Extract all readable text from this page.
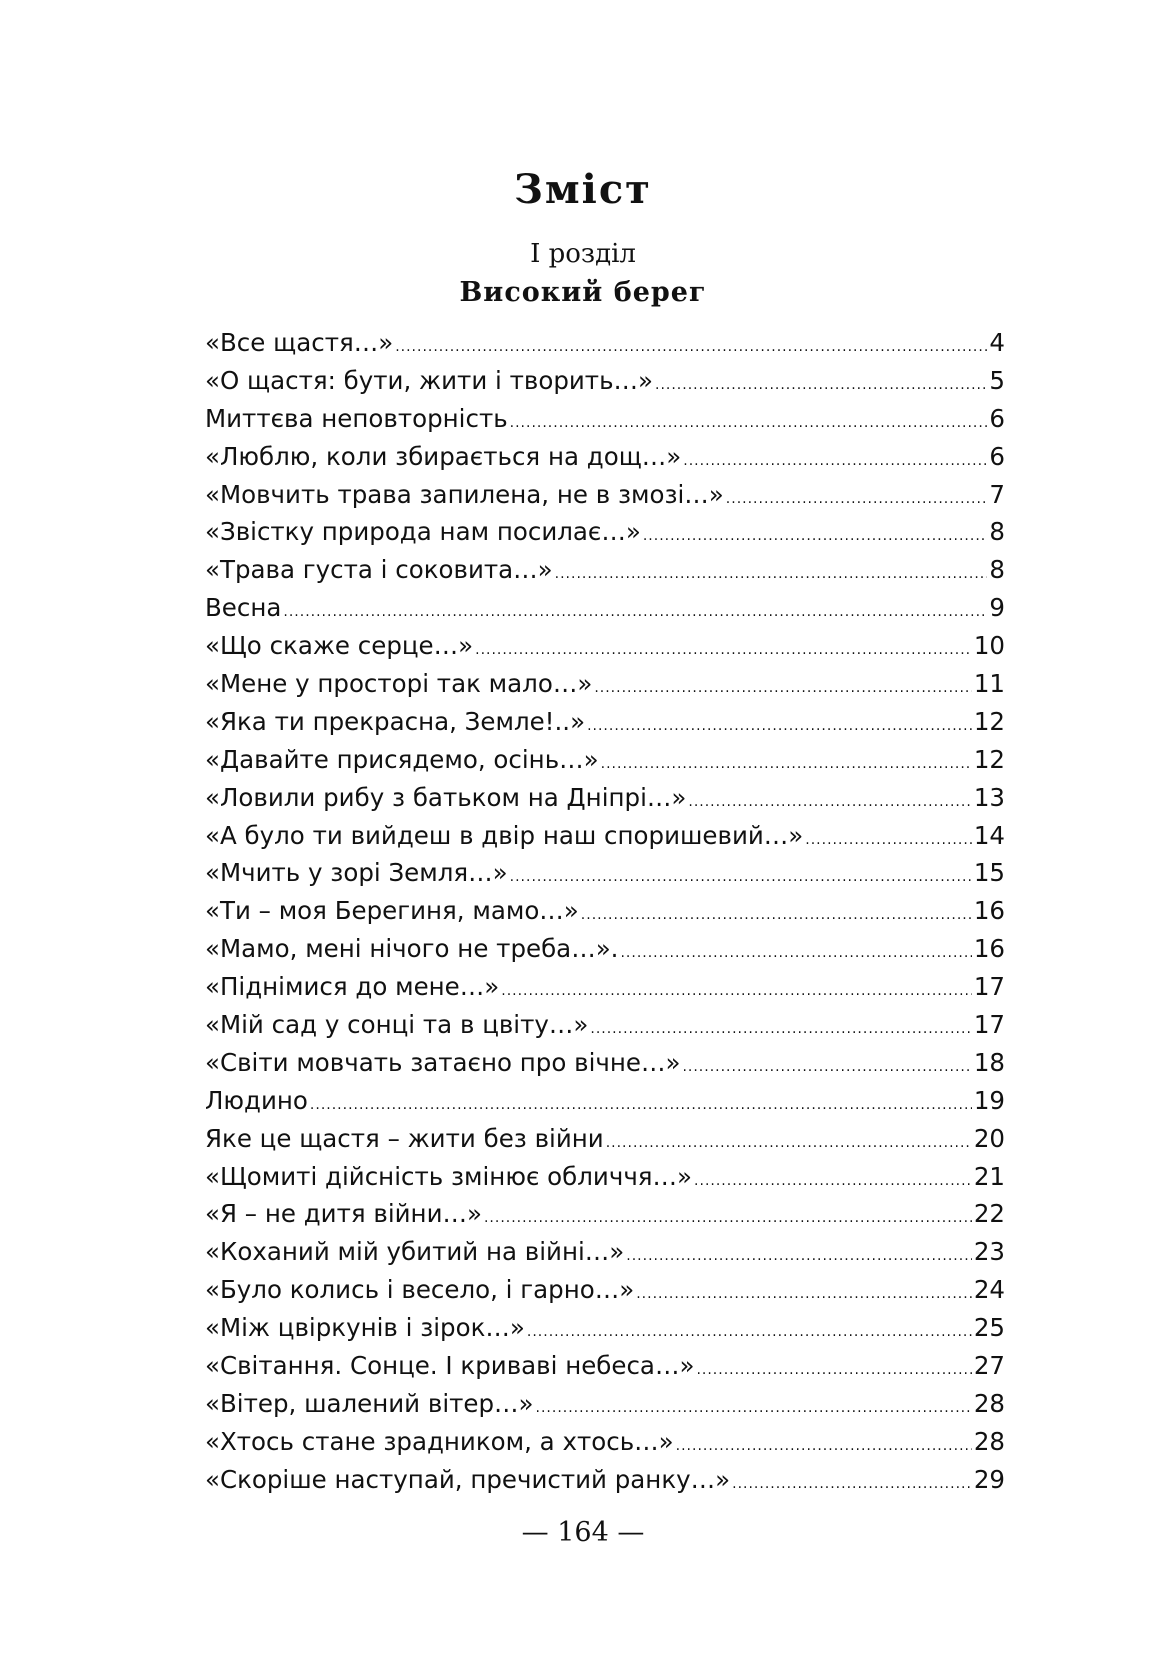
Зміст
І розділ
Високий берег
«Все щастя…» .....	4
«О щастя: бути, жити і творить…» .....	5
Миттєва неповторність .....	6
«Люблю, коли збирається на дощ…» .....	6
«Мовчить трава запилена, не в змозі…» .....	7
«Звістку природа нам посилає…» .....	8
«Трава густа і соковита…» .....	8
Весна .....	9
«Що скаже серце…» .....	10
«Мене у просторі так мало…» .....	11
«Яка ти прекрасна, Земле!..» .....	12
«Давайте присядемо, осінь…» .....	12
«Ловили рибу з батьком на Дніпрі…» .....	13
«А було ти вийдеш в двір наш споришевий…» .....	14
«Мчить у зорі Земля…» .....	15
«Ти – моя Берегиня, мамо…» .....	16
«Мамо, мені нічого не треба…». .....	16
«Піднімися до мене…» .....	17
«Мій сад у сонці та в цвіту…» .....	17
«Світи мовчать затаєно про вічне…» .....	18
Людино .....	19
Яке це щастя – жити без війни .....	20
«Щомиті дійсність змінює обличчя…» .....	21
«Я – не дитя війни…» .....	22
«Коханий мій убитий на війні…» .....	23
«Було колись і весело, і гарно…» .....	24
«Між цвіркунів і зірок…» .....	25
«Світання. Сонце. І криваві небеса…» .....	27
«Вітер, шалений вітер…» .....	28
«Хтось стане зрадником, а хтось…» .....	28
«Скоріше наступай, пречистий ранку…» .....	29
— 164 —
